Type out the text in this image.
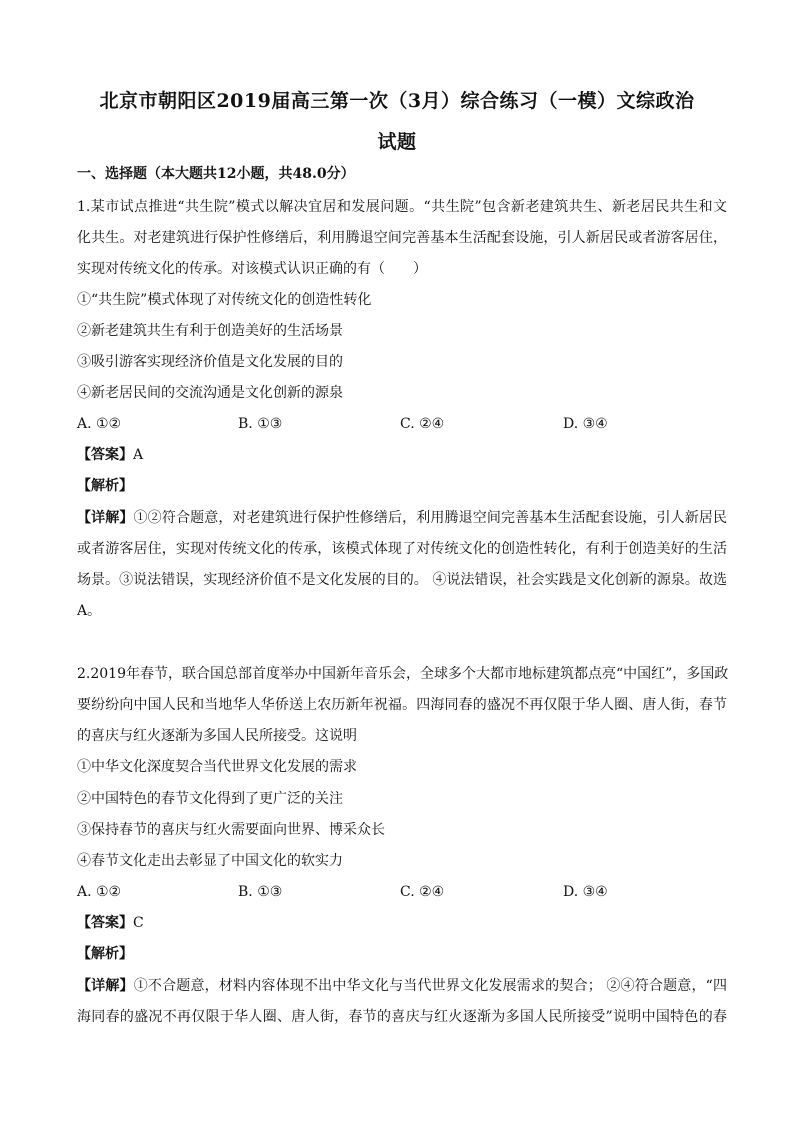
北京市朝阳区2019届高三第一次（3月）综合练习（一模）文综政治
试题
一、选择题（本大题共12小题，共48.0分）
1.某市试点推进“共生院”模式以解决宜居和发展问题。“共生院”包含新老建筑共生、新老居民共生和文
化共生。对老建筑进行保护性修缮后，利用腾退空间完善基本生活配套设施，引人新居民或者游客居住，
实现对传统文化的传承。对该模式认识正确的有（　　）
①“共生院”模式体现了对传统文化的创造性转化
②新老建筑共生有利于创造美好的生活场景
③吸引游客实现经济价值是文化发展的目的
④新老居民间的交流沟通是文化创新的源泉
A. ①②	B. ①③	C. ②④	D. ③④
【答案】A
【解析】
【详解】①②符合题意，对老建筑进行保护性修缮后，利用腾退空间完善基本生活配套设施，引人新居民
或者游客居住，实现对传统文化的传承，该模式体现了对传统文化的创造性转化，有利于创造美好的生活
场景。③说法错误，实现经济价值不是文化发展的目的。 ④说法错误，社会实践是文化创新的源泉。故选
A。
2.2019年春节，联合国总部首度举办中国新年音乐会，全球多个大都市地标建筑都点亮“中国红”，多国政
要纷纷向中国人民和当地华人华侨送上农历新年祝福。四海同春的盛况不再仅限于华人圈、唐人街，春节
的喜庆与红火逐渐为多国人民所接受。这说明
①中华文化深度契合当代世界文化发展的需求
②中国特色的春节文化得到了更广泛的关注
③保持春节的喜庆与红火需要面向世界、博采众长
④春节文化走出去彰显了中国文化的软实力
A. ①②	B. ①③	C. ②④	D. ③④
【答案】C
【解析】
【详解】①不合题意，材料内容体现不出中华文化与当代世界文化发展需求的契合； ②④符合题意，“四
海同春的盛况不再仅限于华人圈、唐人街，春节的喜庆与红火逐渐为多国人民所接受”说明中国特色的春
